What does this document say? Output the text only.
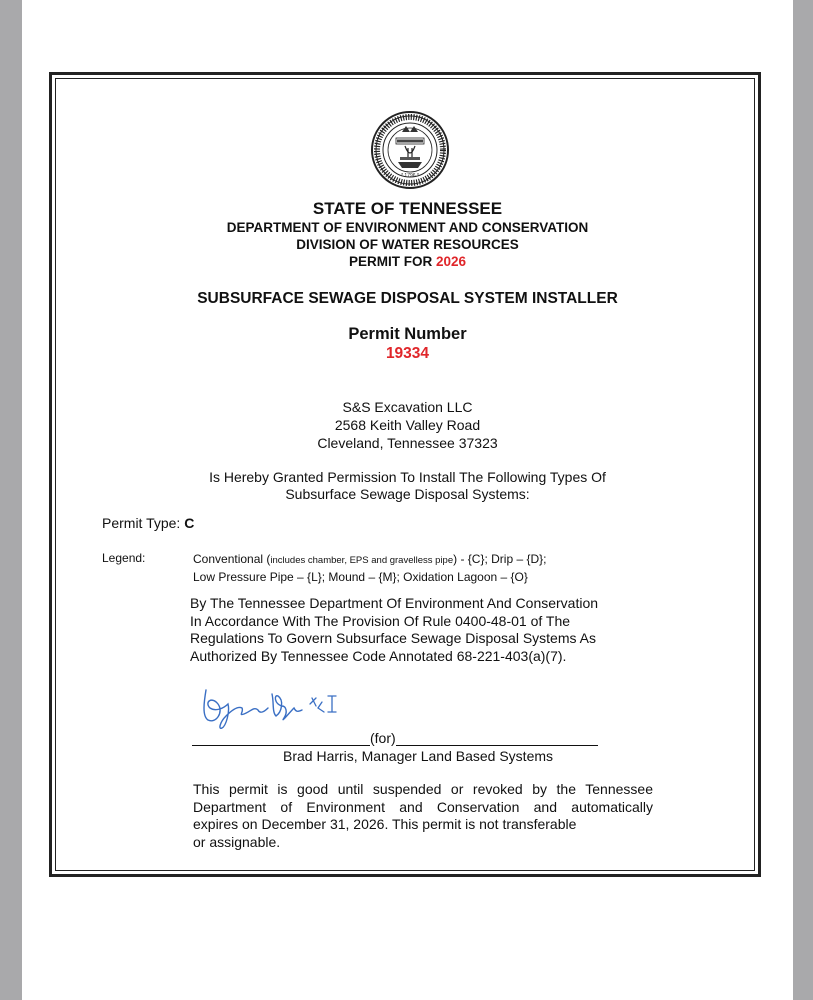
* 1796 *
STATE OF TENNESSEE
DEPARTMENT OF ENVIRONMENT AND CONSERVATION
DIVISION OF WATER RESOURCES
PERMIT FOR 2026
SUBSURFACE SEWAGE DISPOSAL SYSTEM INSTALLER
Permit Number
19334
S&S Excavation LLC
2568 Keith Valley Road
Cleveland, Tennessee 37323
Is Hereby Granted Permission To Install The Following Types Of
Subsurface Sewage Disposal Systems:
Permit Type: C
Legend:	Conventional (includes chamber, EPS and gravelless pipe) - {C}; Drip – {D};
Low Pressure Pipe – {L}; Mound – {M}; Oxidation Lagoon – {O}
By The Tennessee Department Of Environment And Conservation
In Accordance With The Provision Of Rule 0400-48-01 of The
Regulations To Govern Subsurface Sewage Disposal Systems As
Authorized By Tennessee Code Annotated 68-221-403(a)(7).
(for)
Brad Harris, Manager Land Based Systems

This permit is good until suspended or revoked by the Tennessee

Department of Environment and Conservation and automatically

expires on December 31, 2026. This permit is not transferable

or assignable.
